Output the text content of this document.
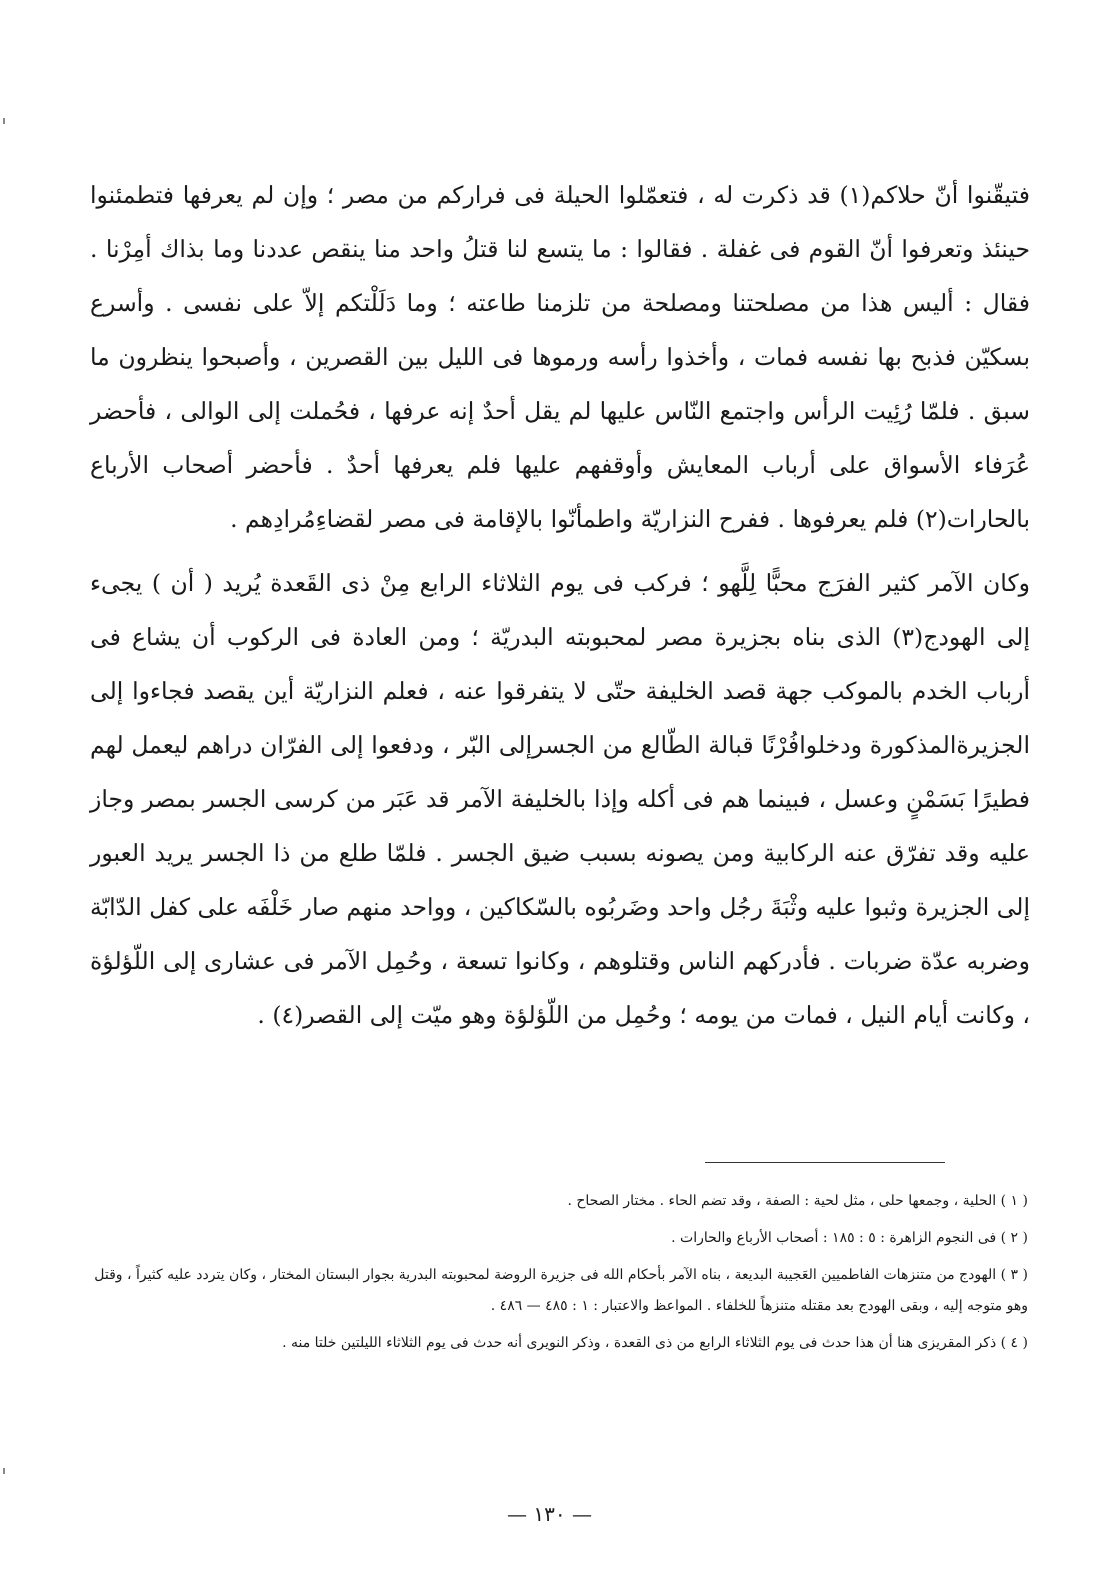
فتيقّنوا أنّ حلاكم(١) قد ذكرت له ، فتعمّلوا الحيلة فى فراركم من مصر ؛ وإن لم يعرفها فتطمئنوا حينئذ وتعرفوا أنّ القوم فى غفلة . فقالوا : ما يتسع لنا قتلُ واحد منا ينقص عددنا وما بذاك أمِرْنا . فقال : أليس هذا من مصلحتنا ومصلحة من تلزمنا طاعته ؛ وما دَلَلْتكم إلاّ على نفسى . وأسرع بسكيّن فذبح بها نفسه فمات ، وأخذوا رأسه ورموها فى الليل بين القصرين ، وأصبحوا ينظرون ما سبق . فلمّا رُئِيت الرأس واجتمع النّاس عليها لم يقل أحدٌ إنه عرفها ، فحُملت إلى الوالى ، فأحضر عُرَفاء الأسواق على أرباب المعايش وأوقفهم عليها فلم يعرفها أحدٌ . فأحضر أصحاب الأرباع بالحارات(٢) فلم يعرفوها . ففرح النزاريّة واطمأنّوا بالإقامة فى مصر لقضاءِمُرادِهم .

وكان الآمر كثير الفرَج محبًّا لِلَّهو ؛ فركب فى يوم الثلاثاء الرابع مِنْ ذى القَعدة يُريد ( أن ) يجىء إلى الهودج(٣) الذى بناه بجزيرة مصر لمحبوبته البدريّة ؛ ومن العادة فى الركوب أن يشاع فى أرباب الخدم بالموكب جهة قصد الخليفة حتّى لا يتفرقوا عنه ، فعلم النزاريّة أين يقصد فجاءوا إلى الجزيرةالمذكورة ودخلوافُرْنًا قبالة الطّالع من الجسرإلى البّر ، ودفعوا إلى الفرّان دراهم ليعمل لهم فطيرًا بَسَمْنٍ وعسل ، فبينما هم فى أكله وإذا بالخليفة الآمر قد عَبَر من كرسى الجسر بمصر وجاز عليه وقد تفرّق عنه الركابية ومن يصونه بسبب ضيق الجسر . فلمّا طلع من ذا الجسر يريد العبور إلى الجزيرة وثبوا عليه وثْبَةَ رجُل واحد وضَربُوه بالسّكاكين ، وواحد منهم صار خَلْفَه على كفل الدّابّة وضربه عدّة ضربات . فأدركهم الناس وقتلوهم ، وكانوا تسعة ، وحُمِل الآمر فى عشارى إلى اللّؤلؤة ، وكانت أيام النيل ، فمات من يومه ؛ وحُمِل من اللّؤلؤة وهو ميّت إلى القصر(٤) .

( ١ ) الحلية ، وجمعها حلى ، مثل لحية : الصفة ، وقد تضم الحاء . مختار الصحاح .

( ٢ ) فى النجوم الزاهرة : ٥ : ١٨٥ : أصحاب الأرباع والحارات .

( ٣ ) الهودج من متنزهات الفاطميين العَجيبة البديعة ، بناه الآمر بأحكام الله فى جزيرة الروضة لمحبوبته البدرية بجوار البستان المختار ، وكان يتردد عليه كثيراً ، وقتل وهو متوجه إليه ، وبقى الهودج بعد مقتله متنزهاً للخلفاء . المواعظ والاعتبار : ١ : ٤٨٥ — ٤٨٦ .

( ٤ ) ذكر المقريزى هنا أن هذا حدث فى يوم الثلاثاء الرابع من ذى القعدة ، وذكر النويرى أنه حدث فى يوم الثلاثاء الليلتين خلتا منه .

— ١٣٠ —
